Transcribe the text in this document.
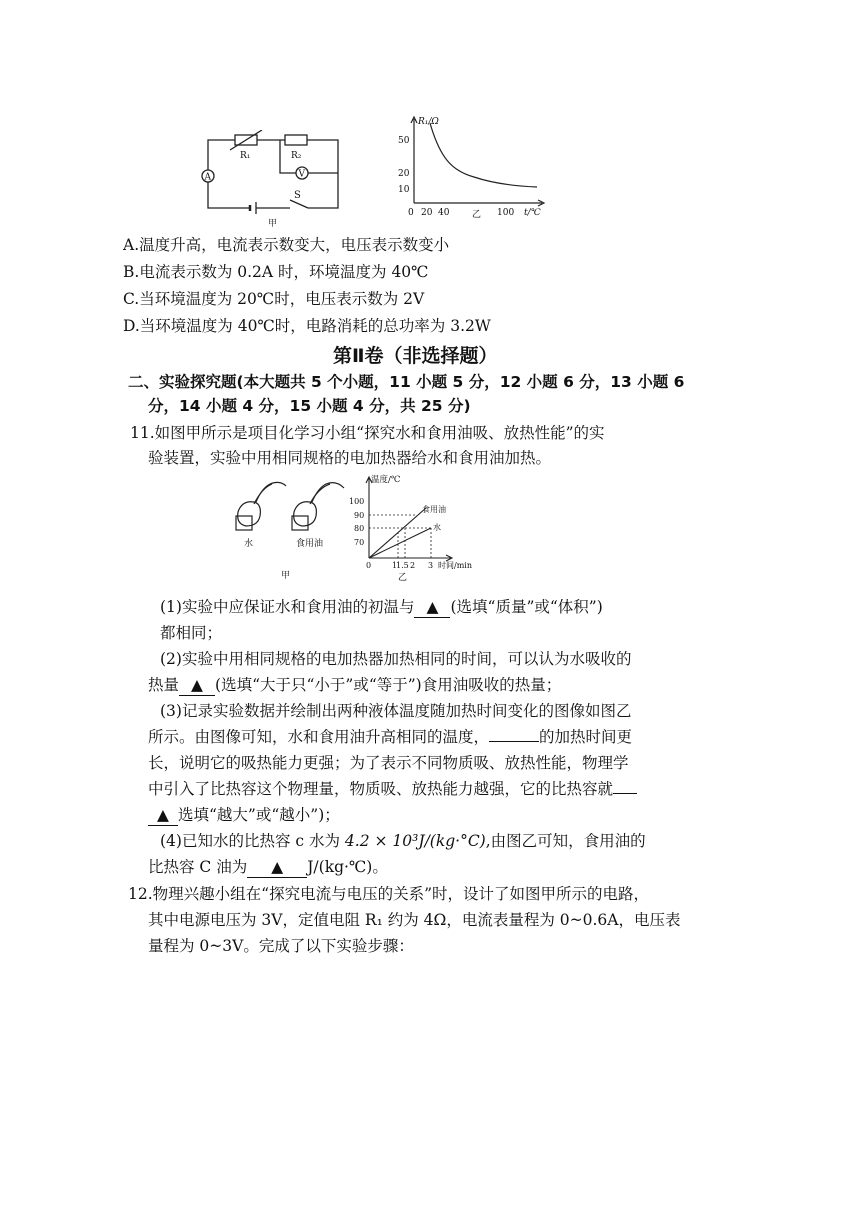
R₁	R₂
A	V
S
甲
R₁/Ω
50
20
10
0 20 40	100 t/℃
乙
A.温度升高，电流表示数变大，电压表示数变小
B.电流表示数为 0.2A 时，环境温度为 40℃
C.当环境温度为 20℃时，电压表示数为 2V
D.当环境温度为 40℃时，电路消耗的总功率为 3.2W
第Ⅱ卷（非选择题）
二、实验探究题(本大题共 5 个小题，11 小题 5 分，12 小题 6 分，13 小题 6
分，14 小题 4 分，15 小题 4 分，共 25 分)
11.如图甲所示是项目化学习小组“探究水和食用油吸、放热性能”的实
验装置，实验中用相同规格的电加热器给水和食用油加热。
水	食用油
甲
温度/℃
食用油
水
100
90
80
70
0	1
1.5 2 3 时间/min
乙
(1)实验中应保证水和食用油的初温与 ▲ (选填“质量”或“体积”)
都相同；
(2)实验中用相同规格的电加热器加热相同的时间，可以认为水吸收的
热量 ▲ (选填“大于只“小于”或“等于”)食用油吸收的热量；
(3)记录实验数据并绘制出两种液体温度随加热时间变化的图像如图乙
所示。由图像可知，水和食用油升高相同的温度，	的加热时间更
长，说明它的吸热能力更强；为了表示不同物质吸、放热性能，物理学
中引入了比热容这个物理量，物质吸、放热能力越强，它的比热容就
▲ 选填“越大”或“越小”)；
(4)已知水的比热容 c 水为 4.2 × 10³J/(kg·°C),由图乙可知，食用油的
比热容 C 油为 ▲ J/(kg·℃)。
12.物理兴趣小组在“探究电流与电压的关系”时，设计了如图甲所示的电路，
其中电源电压为 3V，定值电阻 R₁ 约为 4Ω，电流表量程为 0~0.6A，电压表
量程为 0~3V。完成了以下实验步骤：
